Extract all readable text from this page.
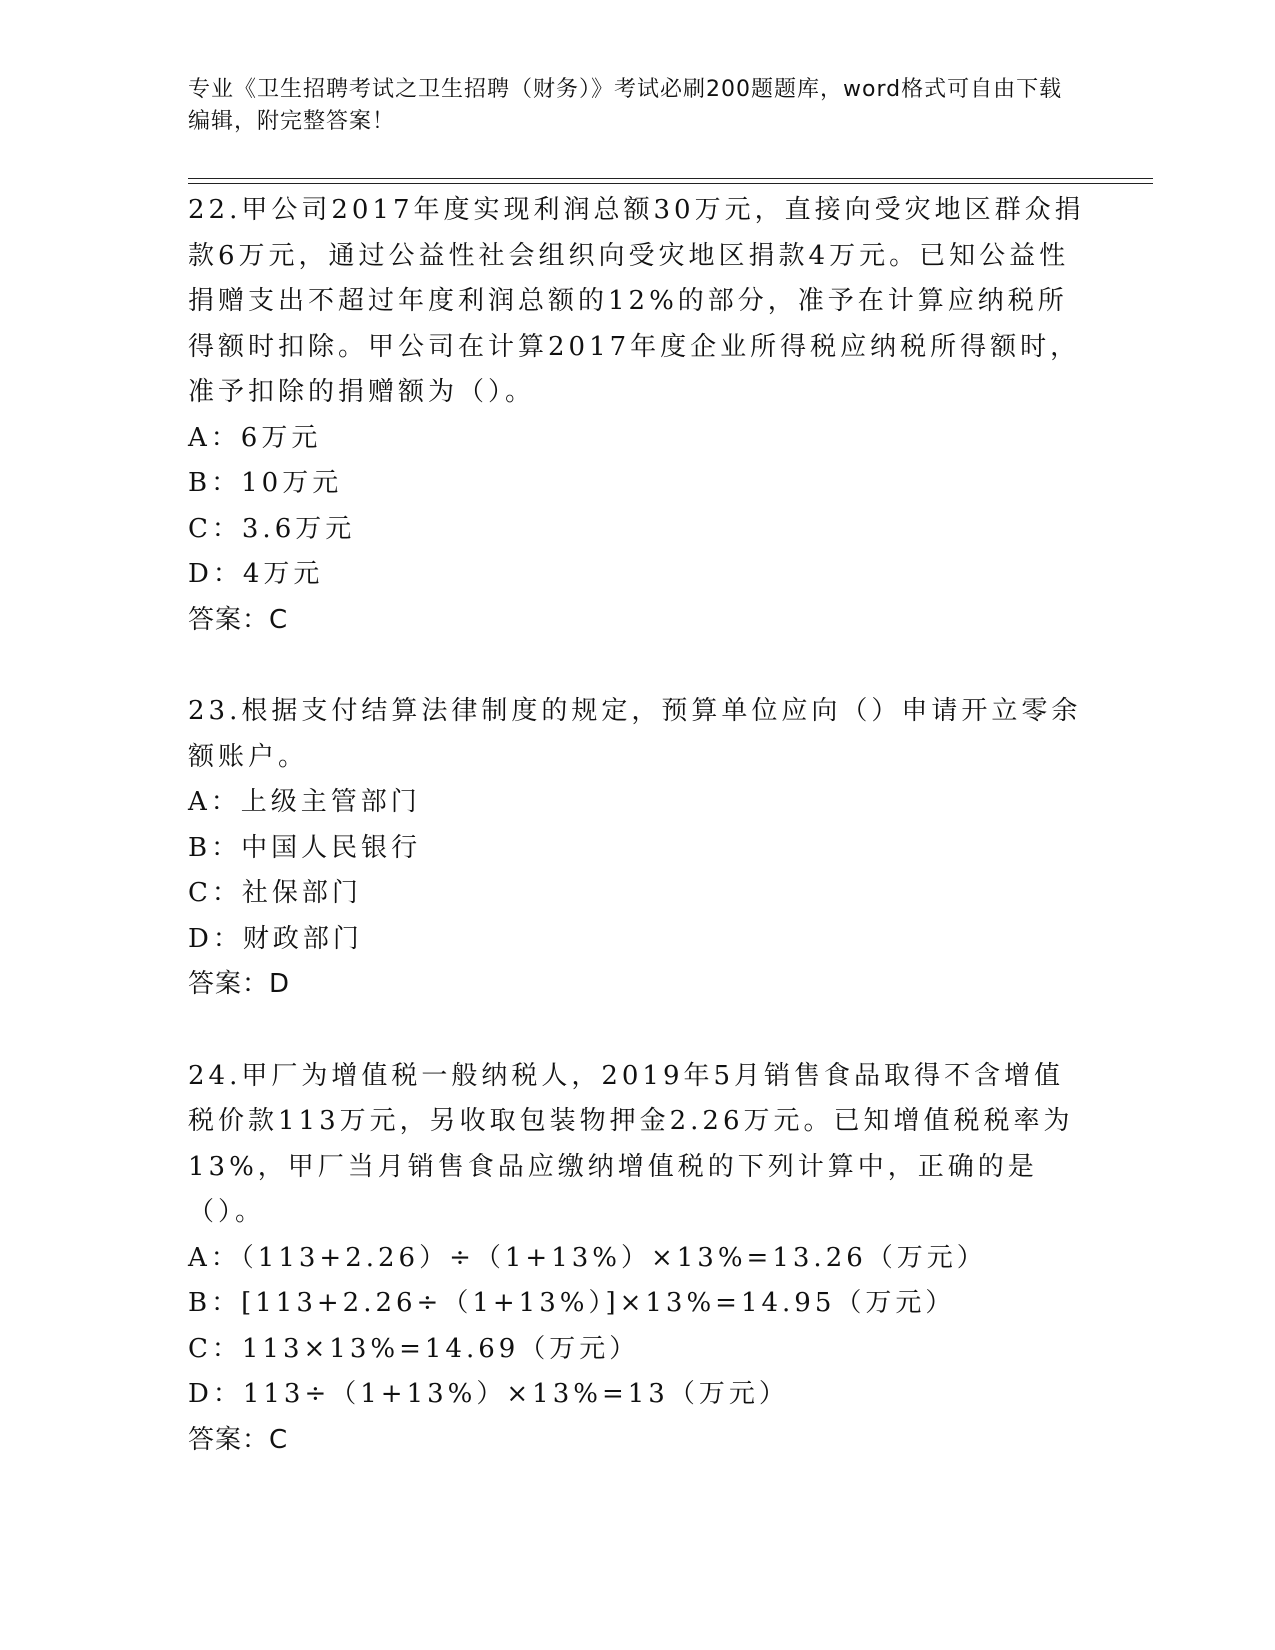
专业《卫生招聘考试之卫生招聘（财务）》考试必刷200题题库，word格式可自由下载编辑，附完整答案！

22.甲公司2017年度实现利润总额30万元，直接向受灾地区群众捐款6万元，通过公益性社会组织向受灾地区捐款4万元。已知公益性捐赠支出不超过年度利润总额的12%的部分，准予在计算应纳税所得额时扣除。甲公司在计算2017年度企业所得税应纳税所得额时，准予扣除的捐赠额为（）。

A：6万元

B：10万元

C：3.6万元

D：4万元

答案：C

23.根据支付结算法律制度的规定，预算单位应向（）申请开立零余额账户。

A：上级主管部门

B：中国人民银行

C：社保部门

D：财政部门

答案：D

24.甲厂为增值税一般纳税人，2019年5月销售食品取得不含增值税价款113万元，另收取包装物押金2.26万元。已知增值税税率为13%，甲厂当月销售食品应缴纳增值税的下列计算中，正确的是（）。

A：（113+2.26）÷（1+13%）×13%=13.26（万元）

B：[113+2.26÷（1+13%）]×13%=14.95（万元）

C：113×13%=14.69（万元）

D：113÷（1+13%）×13%=13（万元）

答案：C
